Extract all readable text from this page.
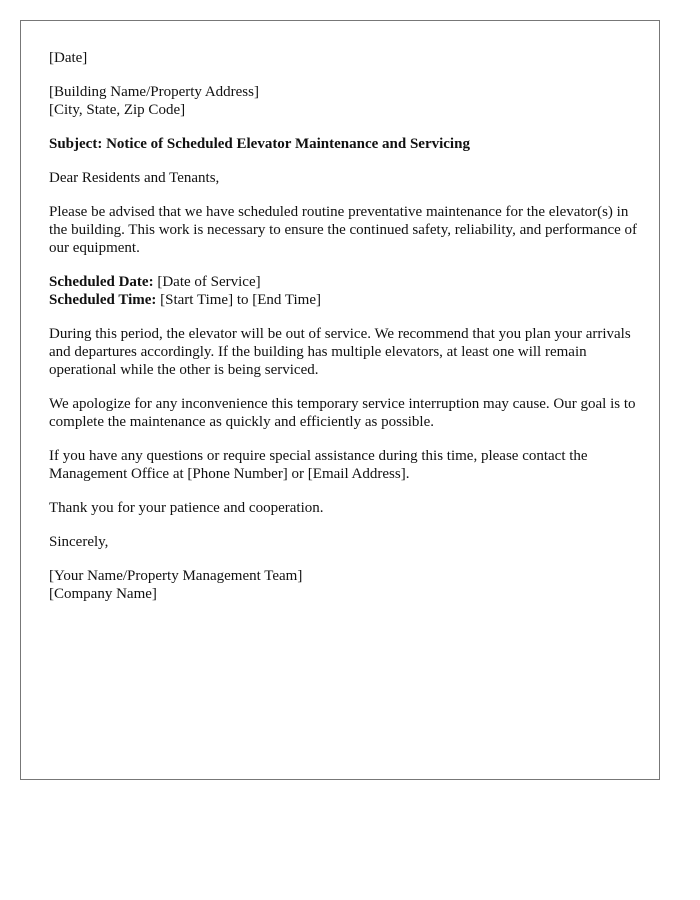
[Date]
[Building Name/Property Address]
[City, State, Zip Code]

Subject: Notice of Scheduled Elevator Maintenance and Servicing

Dear Residents and Tenants,

Please be advised that we have scheduled routine preventative maintenance for the elevator(s) in the building. This work is necessary to ensure the continued safety, reliability, and performance of our equipment.

Scheduled Date: [Date of Service]
Scheduled Time: [Start Time] to [End Time]

During this period, the elevator will be out of service. We recommend that you plan your arrivals and departures accordingly. If the building has multiple elevators, at least one will remain operational while the other is being serviced.

We apologize for any inconvenience this temporary service interruption may cause. Our goal is to complete the maintenance as quickly and efficiently as possible.

If you have any questions or require special assistance during this time, please contact the Management Office at [Phone Number] or [Email Address].

Thank you for your patience and cooperation.

Sincerely,

[Your Name/Property Management Team]
[Company Name]
